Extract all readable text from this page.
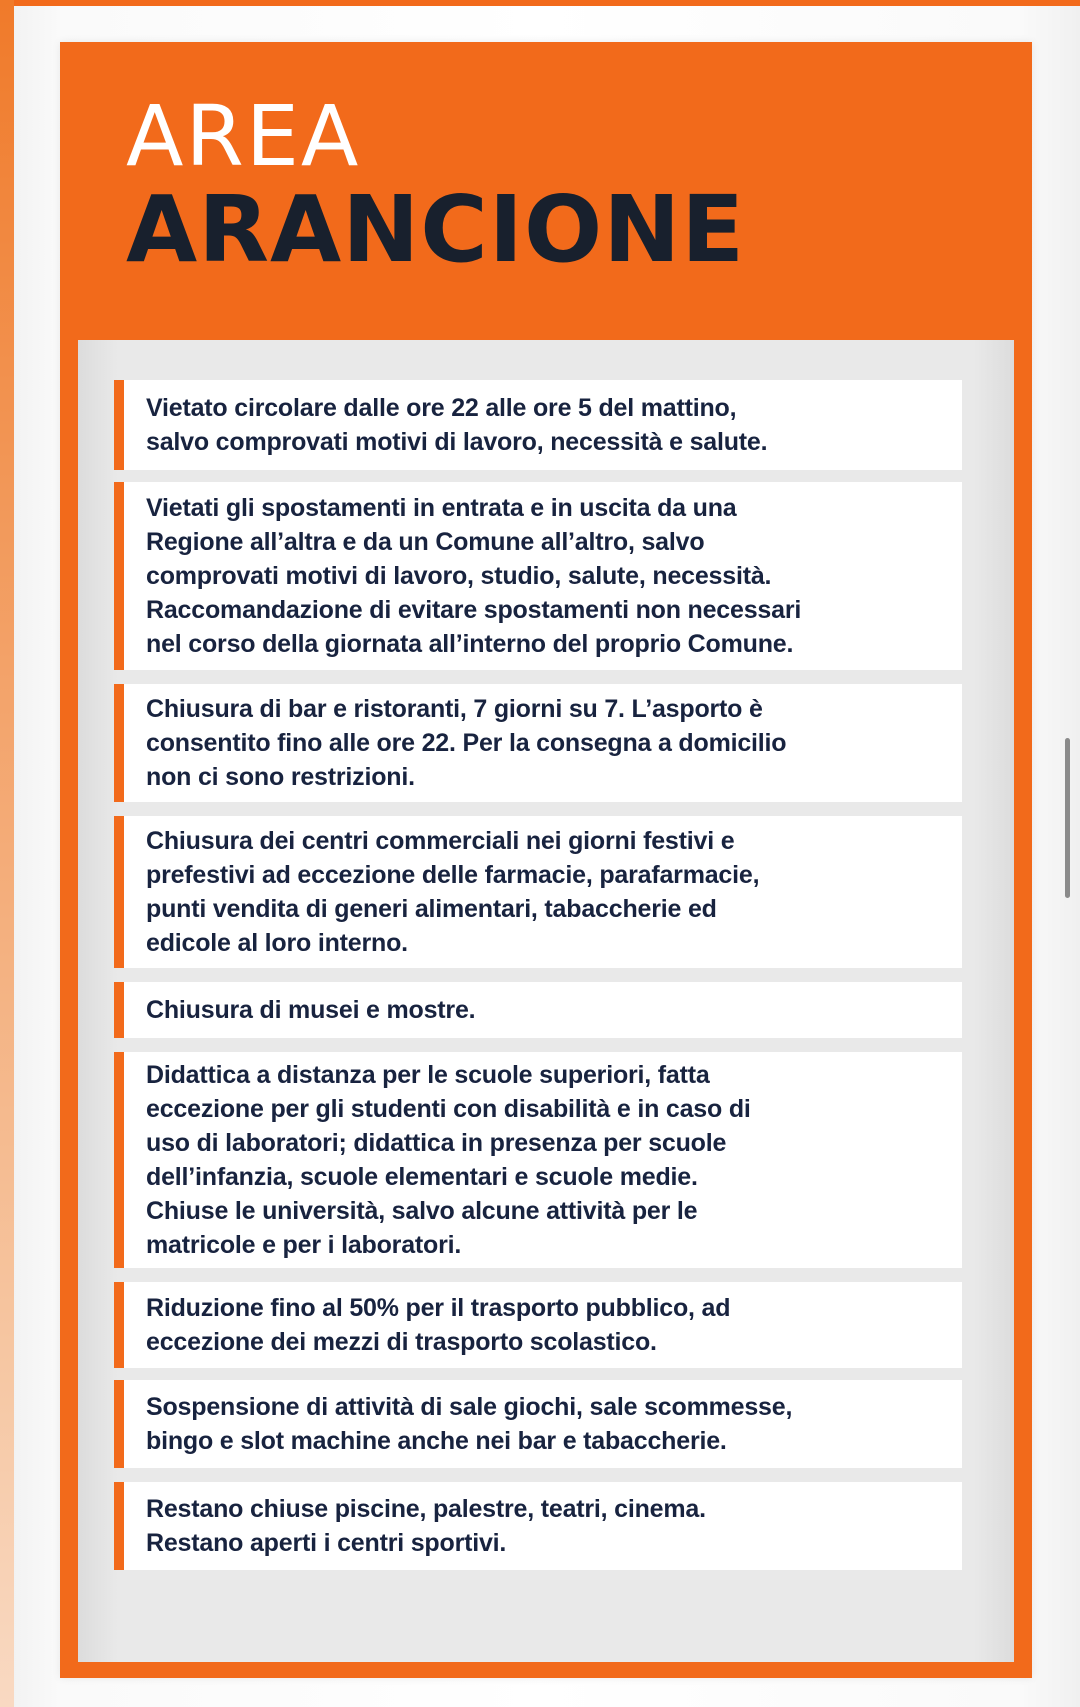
AREA
ARANCIONE
Vietato circolare dalle ore 22 alle ore 5 del mattino,
salvo comprovati motivi di lavoro, necessità e salute.
Vietati gli spostamenti in entrata e in uscita da una
Regione all’altra e da un Comune all’altro, salvo
comprovati motivi di lavoro, studio, salute, necessità.
Raccomandazione di evitare spostamenti non necessari
nel corso della giornata all’interno del proprio Comune.
Chiusura di bar e ristoranti, 7 giorni su 7. L’asporto è
consentito fino alle ore 22. Per la consegna a domicilio
non ci sono restrizioni.
Chiusura dei centri commerciali nei giorni festivi e
prefestivi ad eccezione delle farmacie, parafarmacie,
punti vendita di generi alimentari, tabaccherie ed
edicole al loro interno.
Chiusura di musei e mostre.
Didattica a distanza per le scuole superiori, fatta
eccezione per gli studenti con disabilità e in caso di
uso di laboratori; didattica in presenza per scuole
dell’infanzia, scuole elementari e scuole medie.
Chiuse le università, salvo alcune attività per le
matricole e per i laboratori.
Riduzione fino al 50% per il trasporto pubblico, ad
eccezione dei mezzi di trasporto scolastico.
Sospensione di attività di sale giochi, sale scommesse,
bingo e slot machine anche nei bar e tabaccherie.
Restano chiuse piscine, palestre, teatri, cinema.
Restano aperti i centri sportivi.
